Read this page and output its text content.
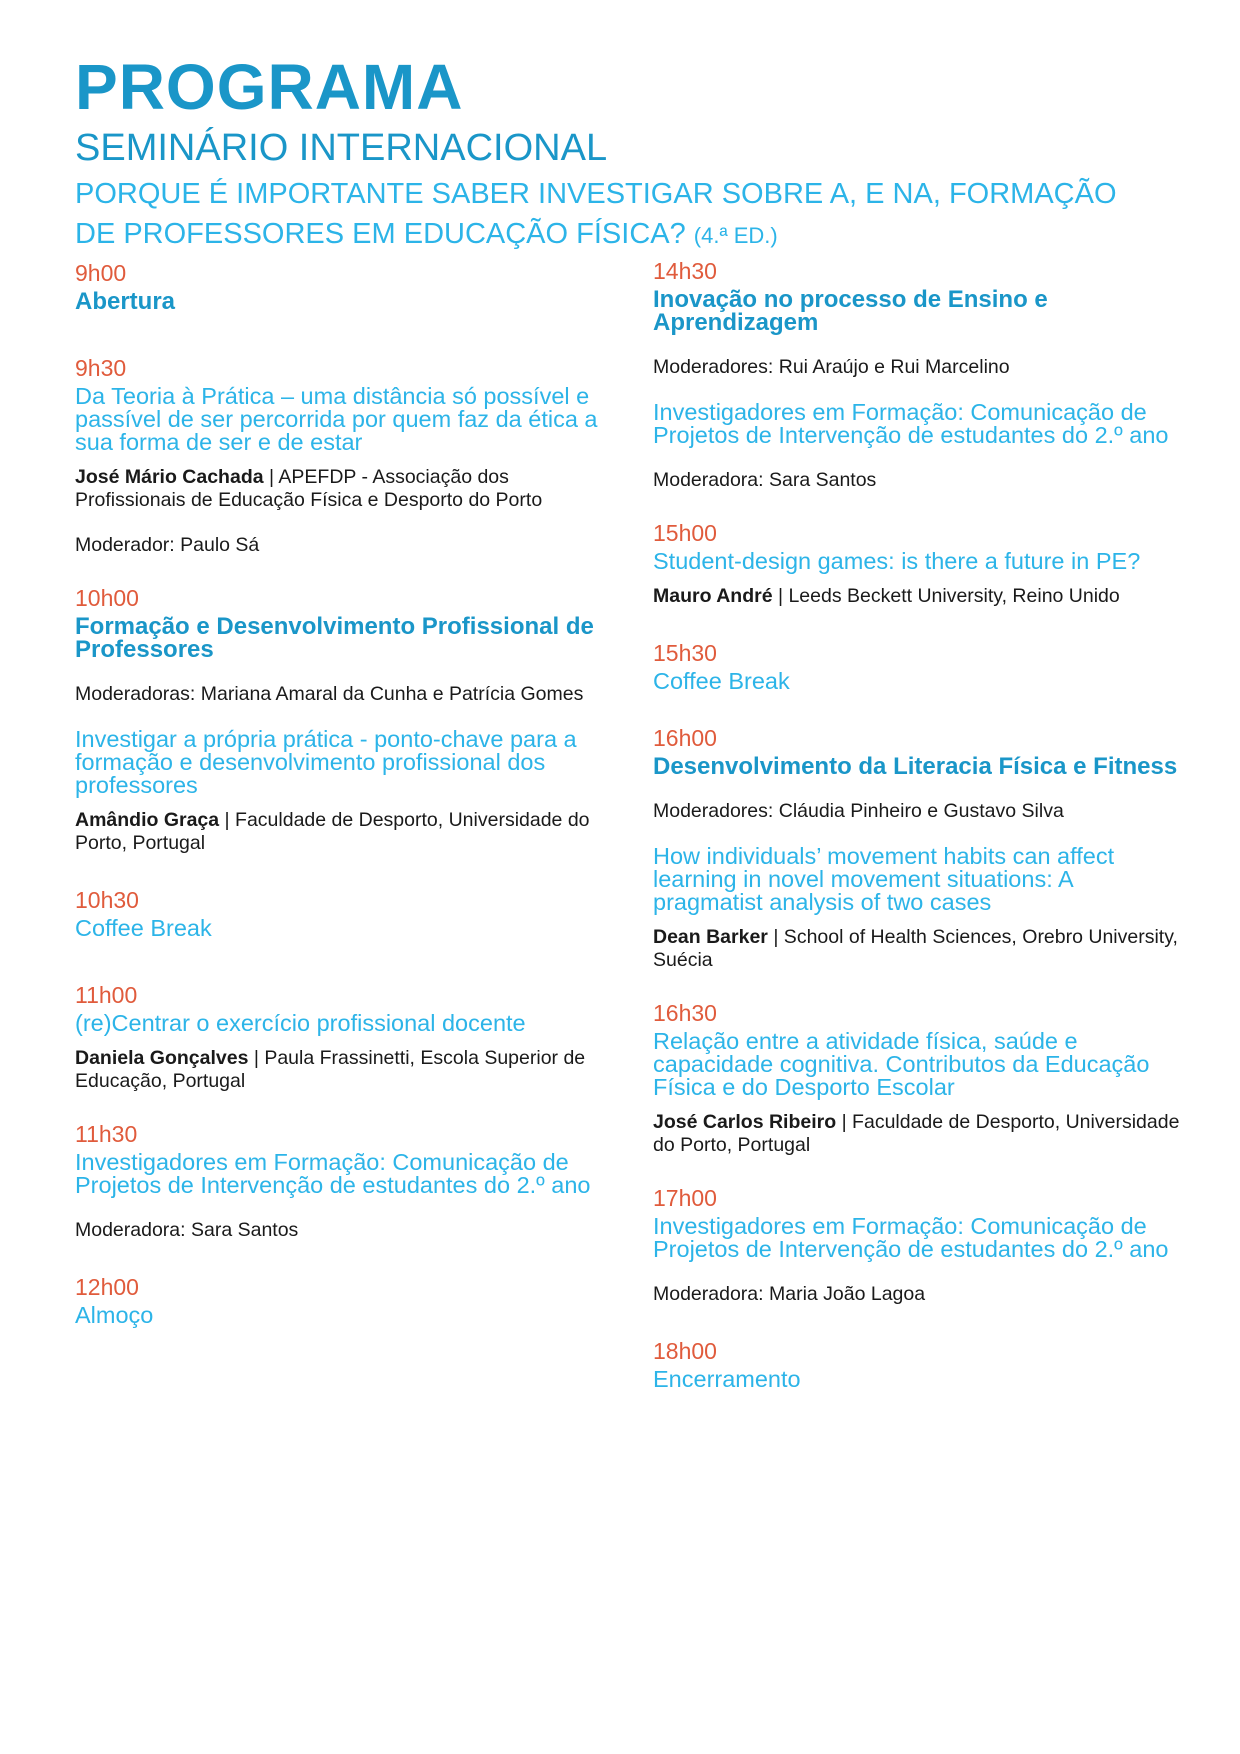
PROGRAMA
SEMINÁRIO INTERNACIONAL
PORQUE É IMPORTANTE SABER INVESTIGAR SOBRE A, E NA, FORMAÇÃO
DE PROFESSORES EM EDUCAÇÃO FÍSICA? (4.ª ED.)
9h00
Abertura
9h30
Da Teoria à Prática – uma distância só possível e passível de ser percorrida por quem faz da ética a sua forma de ser e de estar
José Mário Cachada | APEFDP - Associação dos Profissionais de Educação Física e Desporto do Porto
Moderador: Paulo Sá
10h00
Formação e Desenvolvimento Profissional de Professores
Moderadoras: Mariana Amaral da Cunha e Patrícia Gomes
Investigar a própria prática - ponto-chave para a formação e desenvolvimento profissional dos professores
Amândio Graça | Faculdade de Desporto, Universidade do Porto, Portugal
10h30
Coffee Break
11h00
(re)Centrar o exercício profissional docente
Daniela Gonçalves | Paula Frassinetti, Escola Superior de Educação, Portugal
11h30
Investigadores em Formação: Comunicação de Projetos de Intervenção de estudantes do 2.º ano
Moderadora: Sara Santos
12h00
Almoço
14h30
Inovação no processo de Ensino e Aprendizagem
Moderadores: Rui Araújo e Rui Marcelino
Investigadores em Formação: Comunicação de Projetos de Intervenção de estudantes do 2.º ano
Moderadora: Sara Santos
15h00
Student-design games: is there a future in PE?
Mauro André | Leeds Beckett University, Reino Unido
15h30
Coffee Break
16h00
Desenvolvimento da Literacia Física e Fitness
Moderadores: Cláudia Pinheiro e Gustavo Silva
How individuals’ movement habits can affect learning in novel movement situations: A pragmatist analysis of two cases
Dean Barker | School of Health Sciences, Orebro University, Suécia
16h30
Relação entre a atividade física, saúde e capacidade cognitiva. Contributos da Educação Física e do Desporto Escolar
José Carlos Ribeiro | Faculdade de Desporto, Universidade do Porto, Portugal
17h00
Investigadores em Formação: Comunicação de Projetos de Intervenção de estudantes do 2.º ano
Moderadora: Maria João Lagoa
18h00
Encerramento
